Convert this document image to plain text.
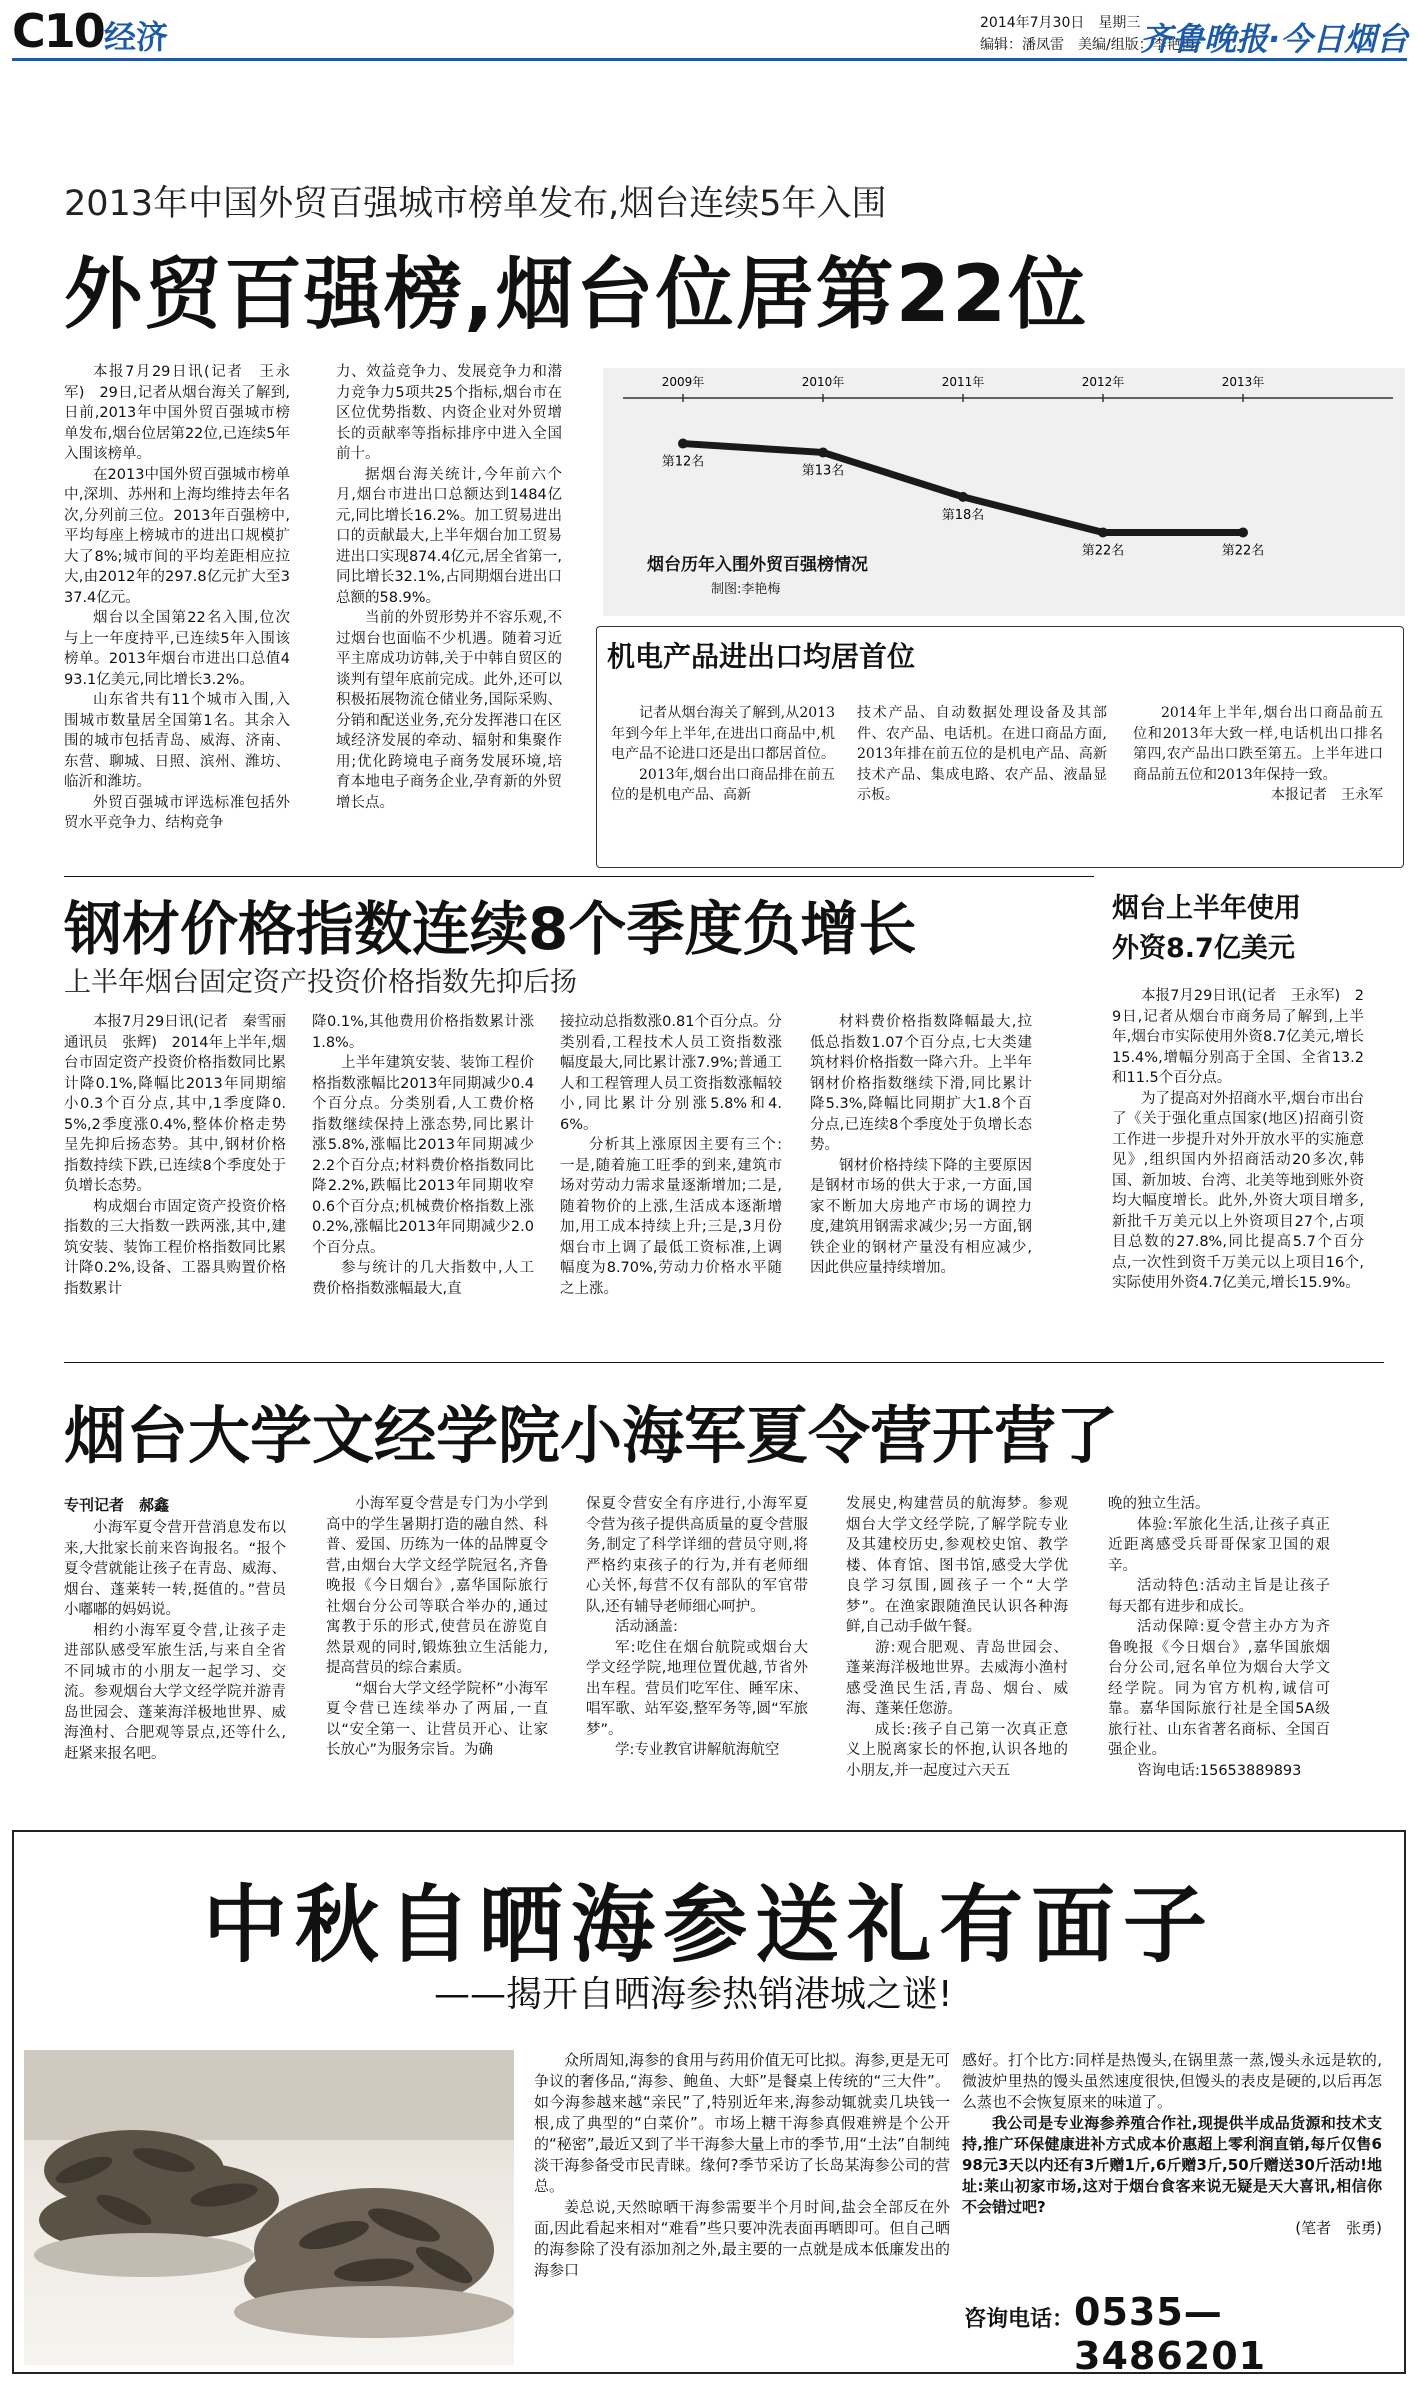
C10 经济	2014年7月30日　星期三
编辑：潘凤雷　美编/组版：李艳梅
齐鲁晚报·今日烟台
2013年中国外贸百强城市榜单发布,烟台连续5年入围
外贸百强榜,烟台位居第22位

本报7月29日讯(记者　王永军)　29日,记者从烟台海关了解到,日前,2013年中国外贸百强城市榜单发布,烟台位居第22位,已连续5年入围该榜单。

在2013中国外贸百强城市榜单中,深圳、苏州和上海均维持去年名次,分列前三位。2013年百强榜中,平均每座上榜城市的进出口规模扩大了8%;城市间的平均差距相应拉大,由2012年的297.8亿元扩大至337.4亿元。

烟台以全国第22名入围,位次与上一年度持平,已连续5年入围该榜单。2013年烟台市进出口总值493.1亿美元,同比增长3.2%。

山东省共有11个城市入围,入围城市数量居全国第1名。其余入围的城市包括青岛、威海、济南、东营、聊城、日照、滨州、潍坊、临沂和潍坊。

外贸百强城市评选标准包括外贸水平竞争力、结构竞争

力、效益竞争力、发展竞争力和潜力竞争力5项共25个指标,烟台市在区位优势指数、内资企业对外贸增长的贡献率等指标排序中进入全国前十。

据烟台海关统计,今年前六个月,烟台市进出口总额达到1484亿元,同比增长16.2%。加工贸易进出口的贡献最大,上半年烟台加工贸易进出口实现874.4亿元,居全省第一,同比增长32.1%,占同期烟台进出口总额的58.9%。

当前的外贸形势并不容乐观,不过烟台也面临不少机遇。随着习近平主席成功访韩,关于中韩自贸区的谈判有望年底前完成。此外,还可以积极拓展物流仓储业务,国际采购、分销和配送业务,充分发挥港口在区域经济发展的牵动、辐射和集聚作用;优化跨境电子商务发展环境,培育本地电子商务企业,孕育新的外贸增长点。

2009年	2010年	2011年	2012年	2013年
第12名
第13名
第18名
第22名	第22名
烟台历年入围外贸百强榜情况
制图:李艳梅
机电产品进出口均居首位

记者从烟台海关了解到,从2013年到今年上半年,在进出口商品中,机电产品不论进口还是出口都居首位。

2013年,烟台出口商品排在前五位的是机电产品、高新

技术产品、自动数据处理设备及其部件、农产品、电话机。在进口商品方面,2013年排在前五位的是机电产品、高新技术产品、集成电路、农产品、液晶显示板。

2014年上半年,烟台出口商品前五位和2013年大致一样,电话机出口排名第四,农产品出口跌至第五。上半年进口商品前五位和2013年保持一致。

本报记者　王永军

钢材价格指数连续8个季度负增长
上半年烟台固定资产投资价格指数先抑后扬

本报7月29日讯(记者　秦雪丽　通讯员　张辉)　2014年上半年,烟台市固定资产投资价格指数同比累计降0.1%,降幅比2013年同期缩小0.3个百分点,其中,1季度降0.5%,2季度涨0.4%,整体价格走势呈先抑后扬态势。其中,钢材价格指数持续下跌,已连续8个季度处于负增长态势。

构成烟台市固定资产投资价格指数的三大指数一跌两涨,其中,建筑安装、装饰工程价格指数同比累计降0.2%,设备、工器具购置价格指数累计

降0.1%,其他费用价格指数累计涨1.8%。

上半年建筑安装、装饰工程价格指数涨幅比2013年同期减少0.4个百分点。分类别看,人工费价格指数继续保持上涨态势,同比累计涨5.8%,涨幅比2013年同期减少2.2个百分点;材料费价格指数同比降2.2%,跌幅比2013年同期收窄0.6个百分点;机械费价格指数上涨0.2%,涨幅比2013年同期减少2.0个百分点。

参与统计的几大指数中,人工费价格指数涨幅最大,直

接拉动总指数涨0.81个百分点。分类别看,工程技术人员工资指数涨幅度最大,同比累计涨7.9%;普通工人和工程管理人员工资指数涨幅较小,同比累计分别涨5.8%和4.6%。

分析其上涨原因主要有三个:一是,随着施工旺季的到来,建筑市场对劳动力需求量逐渐增加;二是,随着物价的上涨,生活成本逐渐增加,用工成本持续上升;三是,3月份烟台市上调了最低工资标准,上调幅度为8.70%,劳动力价格水平随之上涨。

材料费价格指数降幅最大,拉低总指数1.07个百分点,七大类建筑材料价格指数一降六升。上半年钢材价格指数继续下滑,同比累计降5.3%,降幅比同期扩大1.8个百分点,已连续8个季度处于负增长态势。

钢材价格持续下降的主要原因是钢材市场的供大于求,一方面,国家不断加大房地产市场的调控力度,建筑用钢需求减少;另一方面,钢铁企业的钢材产量没有相应减少,因此供应量持续增加。

烟台上半年使用
外资8.7亿美元

本报7月29日讯(记者　王永军)　29日,记者从烟台市商务局了解到,上半年,烟台市实际使用外资8.7亿美元,增长15.4%,增幅分别高于全国、全省13.2和11.5个百分点。

为了提高对外招商水平,烟台市出台了《关于强化重点国家(地区)招商引资工作进一步提升对外开放水平的实施意见》,组织国内外招商活动20多次,韩国、新加坡、台湾、北美等地到账外资均大幅度增长。此外,外资大项目增多,新批千万美元以上外资项目27个,占项目总数的27.8%,同比提高5.7个百分点,一次性到资千万美元以上项目16个,实际使用外资4.7亿美元,增长15.9%。

烟台大学文经学院小海军夏令营开营了
专刊记者　郝鑫

小海军夏令营开营消息发布以来,大批家长前来咨询报名。“报个夏令营就能让孩子在青岛、威海、烟台、蓬莱转一转,挺值的。”营员小嘟嘟的妈妈说。

相约小海军夏令营,让孩子走进部队感受军旅生活,与来自全省不同城市的小朋友一起学习、交流。参观烟台大学文经学院并游青岛世园会、蓬莱海洋极地世界、威海渔村、合肥观等景点,还等什么,赶紧来报名吧。

小海军夏令营是专门为小学到高中的学生暑期打造的融自然、科普、爱国、历练为一体的品牌夏令营,由烟台大学文经学院冠名,齐鲁晚报《今日烟台》,嘉华国际旅行社烟台分公司等联合举办的,通过寓教于乐的形式,使营员在游览自然景观的同时,锻炼独立生活能力,提高营员的综合素质。

“烟台大学文经学院杯”小海军夏令营已连续举办了两届,一直以“安全第一、让营员开心、让家长放心”为服务宗旨。为确

保夏令营安全有序进行,小海军夏令营为孩子提供高质量的夏令营服务,制定了科学详细的营员守则,将严格约束孩子的行为,并有老师细心关怀,每营不仅有部队的军官带队,还有辅导老师细心呵护。

活动涵盖:

军:吃住在烟台航院或烟台大学文经学院,地理位置优越,节省外出车程。营员们吃军住、睡军床、唱军歌、站军姿,整军务等,圆“军旅梦”。

学:专业教官讲解航海航空

发展史,构建营员的航海梦。参观烟台大学文经学院,了解学院专业及其建校历史,参观校史馆、教学楼、体育馆、图书馆,感受大学优良学习氛围,圆孩子一个“大学梦”。在渔家跟随渔民认识各种海鲜,自己动手做午餐。

游:观合肥观、青岛世园会、蓬莱海洋极地世界。去威海小渔村感受渔民生活,青岛、烟台、威海、蓬莱任您游。

成长:孩子自己第一次真正意义上脱离家长的怀抱,认识各地的小朋友,并一起度过六天五

晚的独立生活。

体验:军旅化生活,让孩子真正近距离感受兵哥哥保家卫国的艰辛。

活动特色:活动主旨是让孩子每天都有进步和成长。

活动保障:夏令营主办方为齐鲁晚报《今日烟台》,嘉华国旅烟台分公司,冠名单位为烟台大学文经学院。同为官方机构,诚信可靠。嘉华国际旅行社是全国5A级旅行社、山东省著名商标、全国百强企业。

咨询电话:15653889893

中秋自晒海参送礼有面子
——揭开自晒海参热销港城之谜!

众所周知,海参的食用与药用价值无可比拟。海参,更是无可争议的奢侈品,“海参、鲍鱼、大虾”是餐桌上传统的“三大件”。如今海参越来越“亲民”了,特别近年来,海参动辄就卖几块钱一根,成了典型的“白菜价”。市场上糖干海参真假难辨是个公开的“秘密”,最近又到了半干海参大量上市的季节,用“土法”自制纯淡干海参备受市民青睐。缘何?季节采访了长岛某海参公司的营总。

姜总说,天然晾晒干海参需要半个月时间,盐会全部反在外面,因此看起来相对“难看”些只要冲洗表面再晒即可。但自己晒的海参除了没有添加剂之外,最主要的一点就是成本低廉发出的海参口

感好。打个比方:同样是热馒头,在锅里蒸一蒸,馒头永远是软的,微波炉里热的馒头虽然速度很快,但馒头的表皮是硬的,以后再怎么蒸也不会恢复原来的味道了。

我公司是专业海参养殖合作社,现提供半成品货源和技术支持,推广环保健康进补方式成本价惠超上零利润直销,每斤仅售698元3天以内还有3斤赠1斤,6斤赠3斤,50斤赠送30斤活动!地址:莱山初家市场,这对于烟台食客来说无疑是天大喜讯,相信你不会错过吧?

(笔者　张勇)

咨询电话： 0535—3486201
